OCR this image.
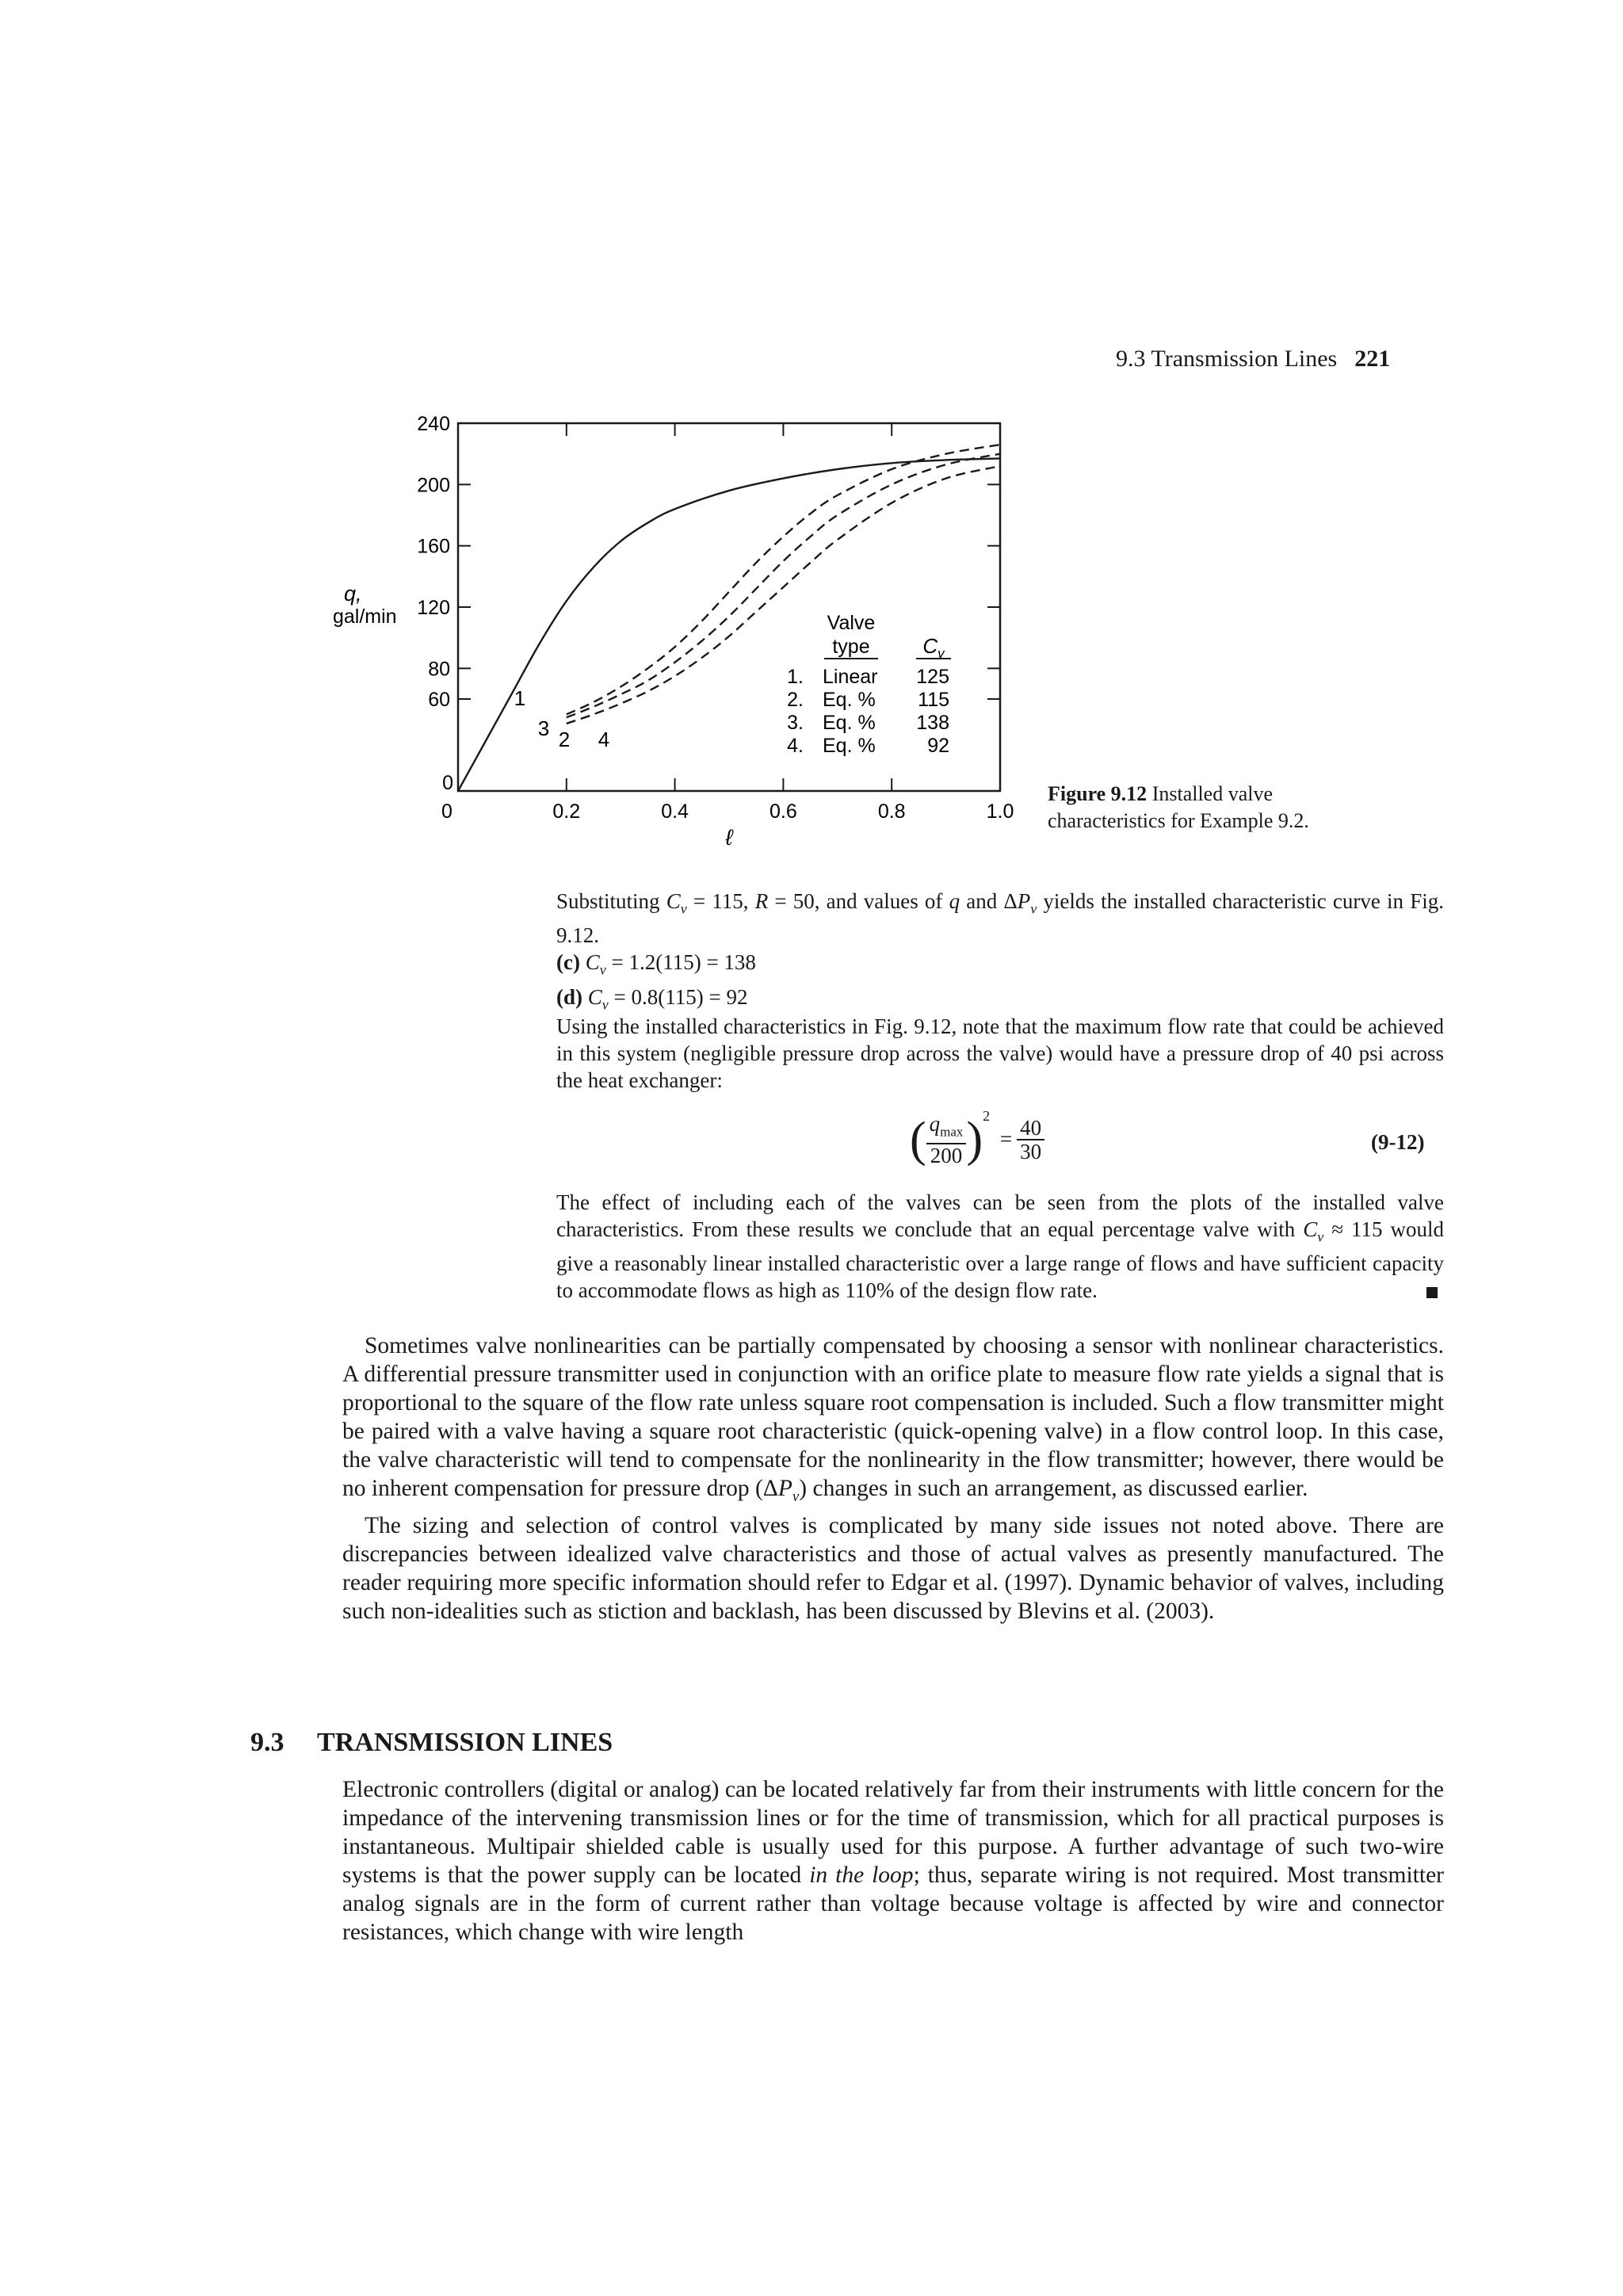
9.3 Transmission Lines 221
0	0.2	0.4	0.6	0.8	1.0
0
60
80
120
160
200
240
q,
gal/min
ℓ
1
2
3 4
Valve
type	$C_v$
1. Linear 125
2. Eq. % 115
3. Eq. % 138
4. Eq. %	92
Figure 9.12 Installed valve
characteristics for Example 9.2.

Substituting $C_v = 115$, R = 50, and values of q and $\Delta P_v$ yields the installed characteristic curve in Fig. 9.12.

(c) $C_v = 1.2(115) = 138$

(d) $C_v = 0.8(115) = 92$

Using the installed characteristics in Fig. 9.12, note that the maximum flow rate that could be achieved in this system (negligible pressure drop across the valve) would have a pressure drop of 40 psi across the heat exchanger:

( $\frac{q_{max}}{200} )^2 = \frac{40}{30}$	(9-12)

The effect of including each of the valves can be seen from the plots of the installed valve characteristics. From these results we conclude that an equal percentage valve with $C_v \approx 115$ would give a reasonably linear installed characteristic over a large range of flows and have sufficient capacity to accommodate flows as high as 110% of the design flow rate.

Sometimes valve nonlinearities can be partially compensated by choosing a sensor with nonlinear characteristics. A differential pressure transmitter used in conjunction with an orifice plate to measure flow rate yields a signal that is proportional to the square of the flow rate unless square root compensation is included. Such a flow transmitter might be paired with a valve having a square root characteristic (quick-opening valve) in a flow control loop. In this case, the valve characteristic will tend to compensate for the nonlinearity in the flow transmitter; however, there would be no inherent compensation for pressure drop $(\Delta P_v)$ changes in such an arrangement, as discussed earlier.

The sizing and selection of control valves is complicated by many side issues not noted above. There are discrepancies between idealized valve characteristics and those of actual valves as presently manufactured. The reader requiring more specific information should refer to Edgar et al. (1997). Dynamic behavior of valves, including such non-idealities such as stiction and backlash, has been discussed by Blevins et al. (2003).

9.3 TRANSMISSION LINES

Electronic controllers (digital or analog) can be located relatively far from their instruments with little concern for the impedance of the intervening transmission lines or for the time of transmission, which for all practical purposes is instantaneous. Multipair shielded cable is usually used for this purpose. A further advantage of such two-wire systems is that the power supply can be located in the loop; thus, separate wiring is not required. Most transmitter analog signals are in the form of current rather than voltage because voltage is affected by wire and connector resistances, which change with wire length
